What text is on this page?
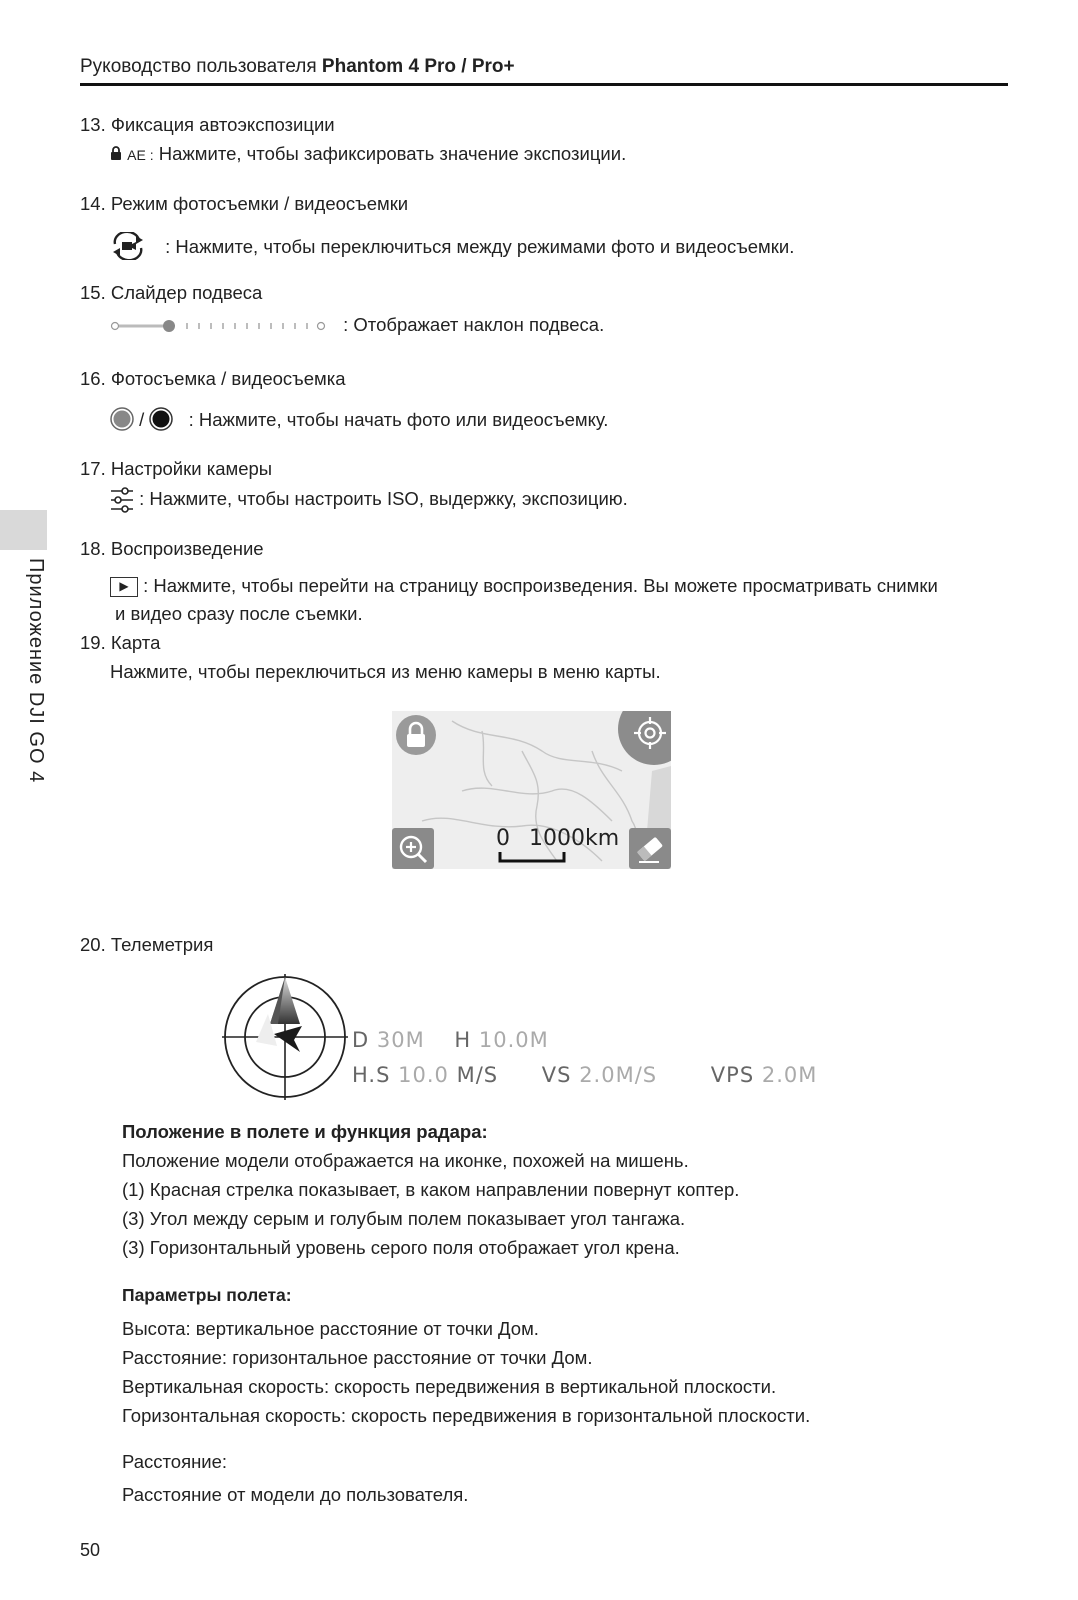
Руководство пользователя Phantom 4 Pro / Pro+
Приложение DJI GO 4
13. Фиксация автоэкспозиции
AE : Нажмите, чтобы зафиксировать значение экспозиции.
14. Режим фотосъемки / видеосъемки
: Нажмите, чтобы переключиться между режимами фото и видеосъемки.
15. Слайдер подвеса
: Отображает наклон подвеса.
16. Фотосъемка / видеосъемка
/ : Нажмите, чтобы начать фото или видеосъемку.
17. Настройки камеры
: Нажмите, чтобы настроить ISO, выдержку, экспозицию.
18. Воспроизведение
▶ : Нажмите, чтобы перейти на страницу воспроизведения. Вы можете просматривать снимки
и видео сразу после съемки.
19. Карта
Нажмите, чтобы переключиться из меню камеры в меню карты.
0 1000km
20. Телеметрия
D 30M H 10.0M
H.S 10.0 M/S VS 2.0M/S	VPS 2.0M
Положение в полете и функция радара:
Положение модели отображается на иконке, похожей на мишень.
(1) Красная стрелка показывает, в каком направлении повернут коптер.
(3) Угол между серым и голубым полем показывает угол тангажа.
(3) Горизонтальный уровень серого поля отображает угол крена.
Параметры полета:
Высота: вертикальное расстояние от точки Дом.
Расстояние: горизонтальное расстояние от точки Дом.
Вертикальная скорость: скорость передвижения в вертикальной плоскости.
Горизонтальная скорость: скорость передвижения в горизонтальной плоскости.
Расстояние:
Расстояние от модели до пользователя.
50
